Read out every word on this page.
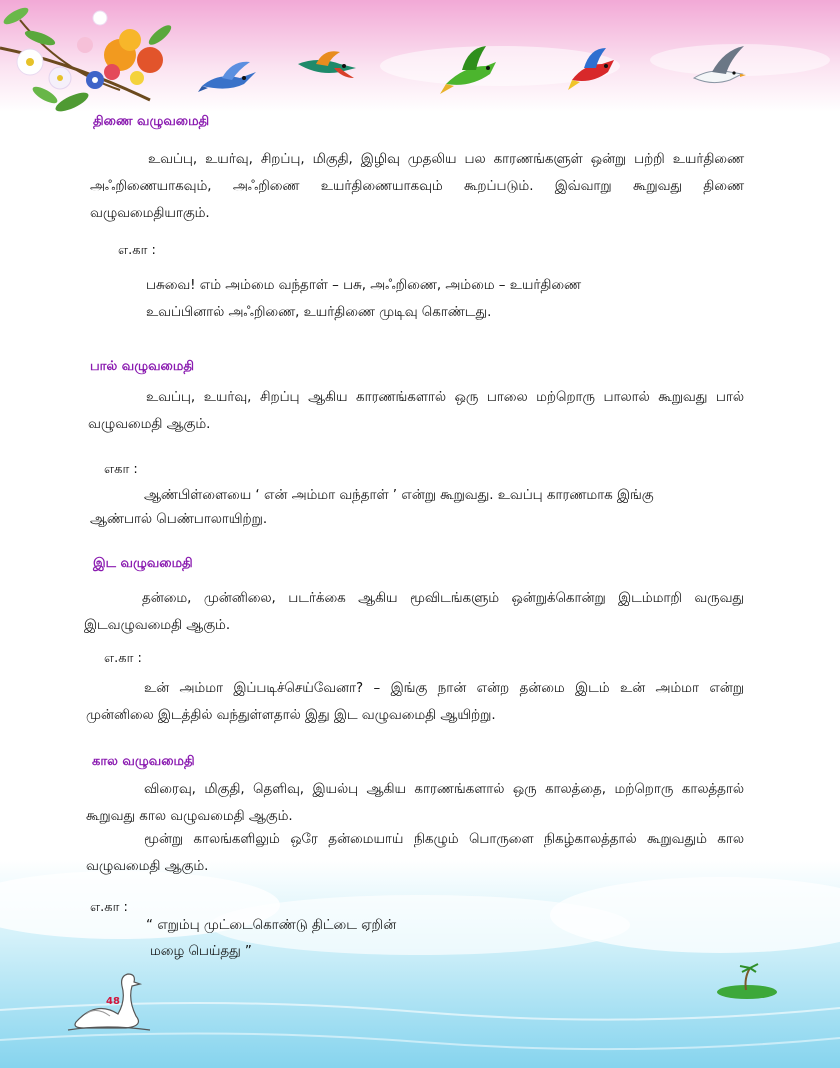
48
திணை வழுவமைதி
உவப்பு, உயர்வு, சிறப்பு, மிகுதி, இழிவு முதலிய பல காரணங்களுள் ஒன்று பற்றி உயர்திணை அஃறிணையாகவும், அஃறிணை உயர்திணையாகவும் கூறப்படும். இவ்வாறு கூறுவது திணை வழுவமைதியாகும்.
எ.கா :
பசுவை! எம் அம்மை வந்தாள் – பசு, அஃறிணை, அம்மை – உயர்திணை
உவப்பினால் அஃறிணை, உயர்திணை முடிவு கொண்டது.
பால் வழுவமைதி
உவப்பு, உயர்வு, சிறப்பு ஆகிய காரணங்களால் ஒரு பாலை மற்றொரு பாலால் கூறுவது பால் வழுவமைதி ஆகும்.
எகா :
ஆண்பிள்ளையை ‘ என் அம்மா வந்தாள் ’ என்று கூறுவது. உவப்பு காரணமாக இங்கு
ஆண்பால் பெண்பாலாயிற்று.
இட வழுவமைதி
தன்மை, முன்னிலை, படர்க்கை ஆகிய மூவிடங்களும் ஒன்றுக்கொன்று இடம்மாறி வருவது இடவழுவமைதி ஆகும்.
எ.கா :
உன் அம்மா இப்படிச்செய்வேனா? – இங்கு நான் என்ற தன்மை இடம் உன் அம்மா என்று முன்னிலை இடத்தில் வந்துள்ளதால் இது இட வழுவமைதி ஆயிற்று.
கால வழுவமைதி
விரைவு, மிகுதி, தெளிவு, இயல்பு ஆகிய காரணங்களால் ஒரு காலத்தை, மற்றொரு காலத்தால் கூறுவது கால வழுவமைதி ஆகும்.
மூன்று காலங்களிலும் ஒரே தன்மையாய் நிகழும் பொருளை நிகழ்காலத்தால் கூறுவதும் கால வழுவமைதி ஆகும்.
எ.கா :
“ எறும்பு முட்டைகொண்டு திட்டை ஏறின்
மழை பெய்தது ”
